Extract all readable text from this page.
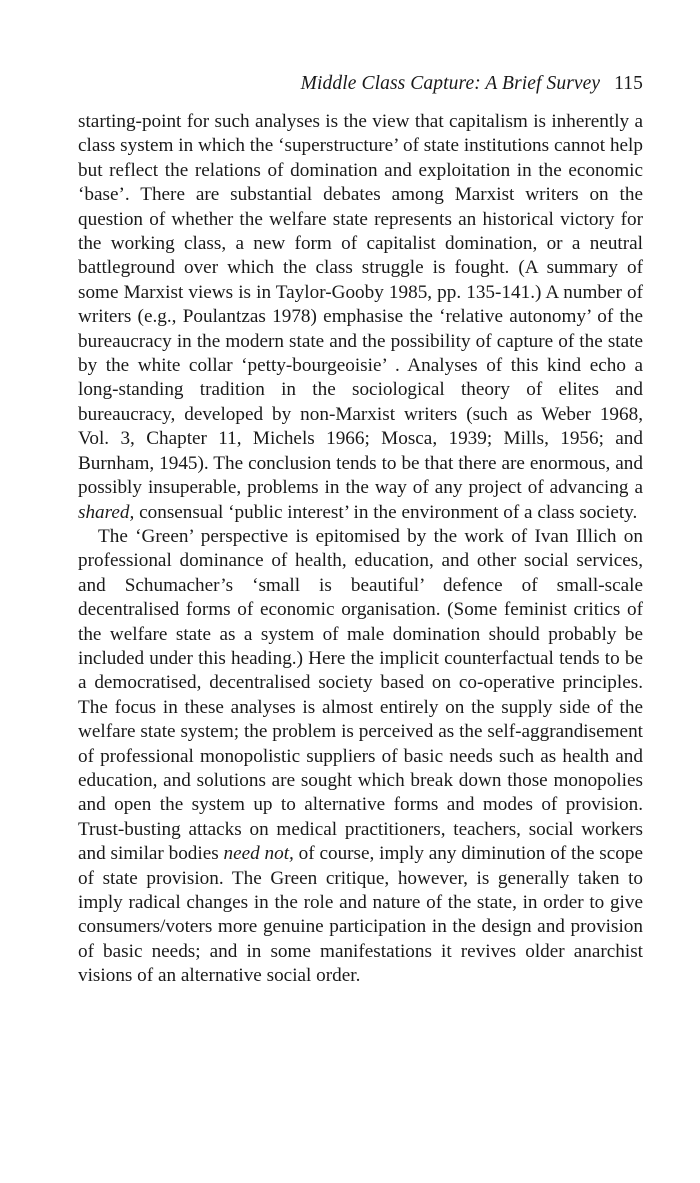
Middle Class Capture: A Brief Survey 115

starting-point for such analyses is the view that capitalism is inherently a class system in which the ‘superstructure’ of state institutions cannot help but reflect the relations of domination and exploitation in the economic ‘base’. There are substantial debates among Marxist writers on the question of whether the welfare state represents an historical victory for the working class, a new form of capitalist domination, or a neutral battleground over which the class struggle is fought. (A summary of some Marxist views is in Taylor-Gooby 1985, pp. 135-141.) A number of writers (e.g., Poulantzas 1978) emphasise the ‘relative autonomy’ of the bureaucracy in the modern state and the possibility of capture of the state by the white collar ‘petty-bourgeoisie’ . Analyses of this kind echo a long-standing tradition in the sociological theory of elites and bureaucracy, developed by non-Marxist writers (such as Weber 1968, Vol. 3, Chapter 11, Michels 1966; Mosca, 1939; Mills, 1956; and Burnham, 1945). The conclusion tends to be that there are enormous, and possibly insuperable, problems in the way of any project of advancing a shared, consensual ‘public interest’ in the environment of a class society.

The ‘Green’ perspective is epitomised by the work of Ivan Illich on professional dominance of health, education, and other social services, and Schumacher’s ‘small is beautiful’ defence of small-scale decentralised forms of economic organisation. (Some feminist critics of the welfare state as a system of male domination should probably be included under this heading.) Here the implicit counterfactual tends to be a democratised, decentralised society based on co-operative principles. The focus in these analyses is almost entirely on the supply side of the welfare state system; the problem is perceived as the self-aggrandisement of professional monopolistic suppliers of basic needs such as health and education, and solutions are sought which break down those monopolies and open the system up to alternative forms and modes of provision. Trust-busting attacks on medical practitioners, teachers, social workers and similar bodies need not, of course, imply any diminution of the scope of state provision. The Green critique, however, is generally taken to imply radical changes in the role and nature of the state, in order to give consumers/voters more genuine participation in the design and provision of basic needs; and in some manifestations it revives older anarchist visions of an alternative social order.
